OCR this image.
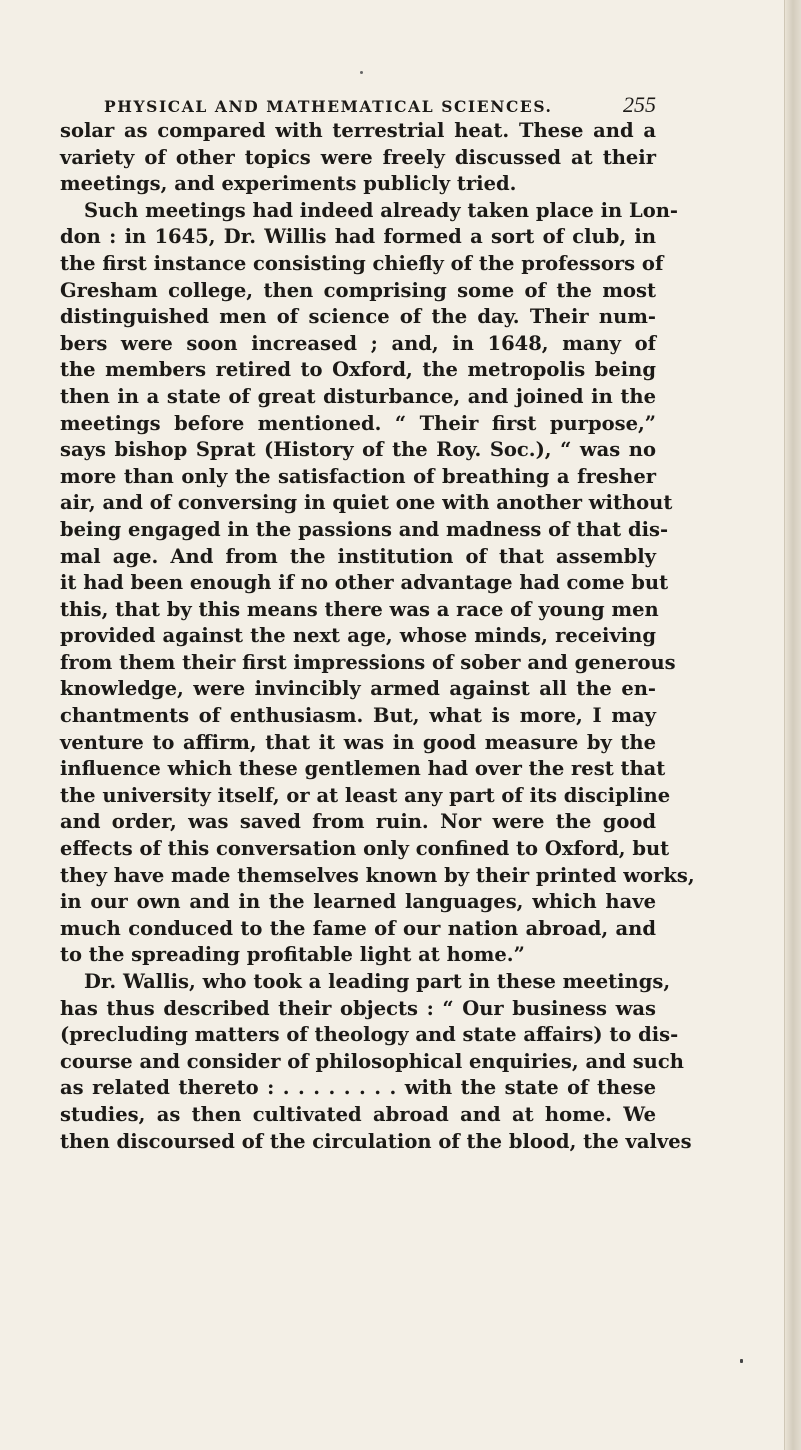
PHYSICAL AND MATHEMATICAL SCIENCES.	255
solar as compared with terrestrial heat. These and a
variety of other topics were freely discussed at their
meetings, and experiments publicly tried.
Such meetings had indeed already taken place in Lon-
don : in 1645, Dr. Willis had formed a sort of club, in
the first instance consisting chiefly of the professors of
Gresham college, then comprising some of the most
distinguished men of science of the day. Their num-
bers were soon increased ; and, in 1648, many of
the members retired to Oxford, the metropolis being
then in a state of great disturbance, and joined in the
meetings before mentioned. “ Their first purpose,”
says bishop Sprat (History of the Roy. Soc.), “ was no
more than only the satisfaction of breathing a fresher
air, and of conversing in quiet one with another without
being engaged in the passions and madness of that dis-
mal age. And from the institution of that assembly
it had been enough if no other advantage had come but
this, that by this means there was a race of young men
provided against the next age, whose minds, receiving
from them their first impressions of sober and generous
knowledge, were invincibly armed against all the en-
chantments of enthusiasm. But, what is more, I may
venture to affirm, that it was in good measure by the
influence which these gentlemen had over the rest that
the university itself, or at least any part of its discipline
and order, was saved from ruin. Nor were the good
effects of this conversation only confined to Oxford, but
they have made themselves known by their printed works,
in our own and in the learned languages, which have
much conduced to the fame of our nation abroad, and
to the spreading profitable light at home.”
Dr. Wallis, who took a leading part in these meetings,
has thus described their objects : “ Our business was
(precluding matters of theology and state affairs) to dis-
course and consider of philosophical enquiries, and such
as related thereto : . . . . . . . . with the state of these
studies, as then cultivated abroad and at home. We
then discoursed of the circulation of the blood, the valves
